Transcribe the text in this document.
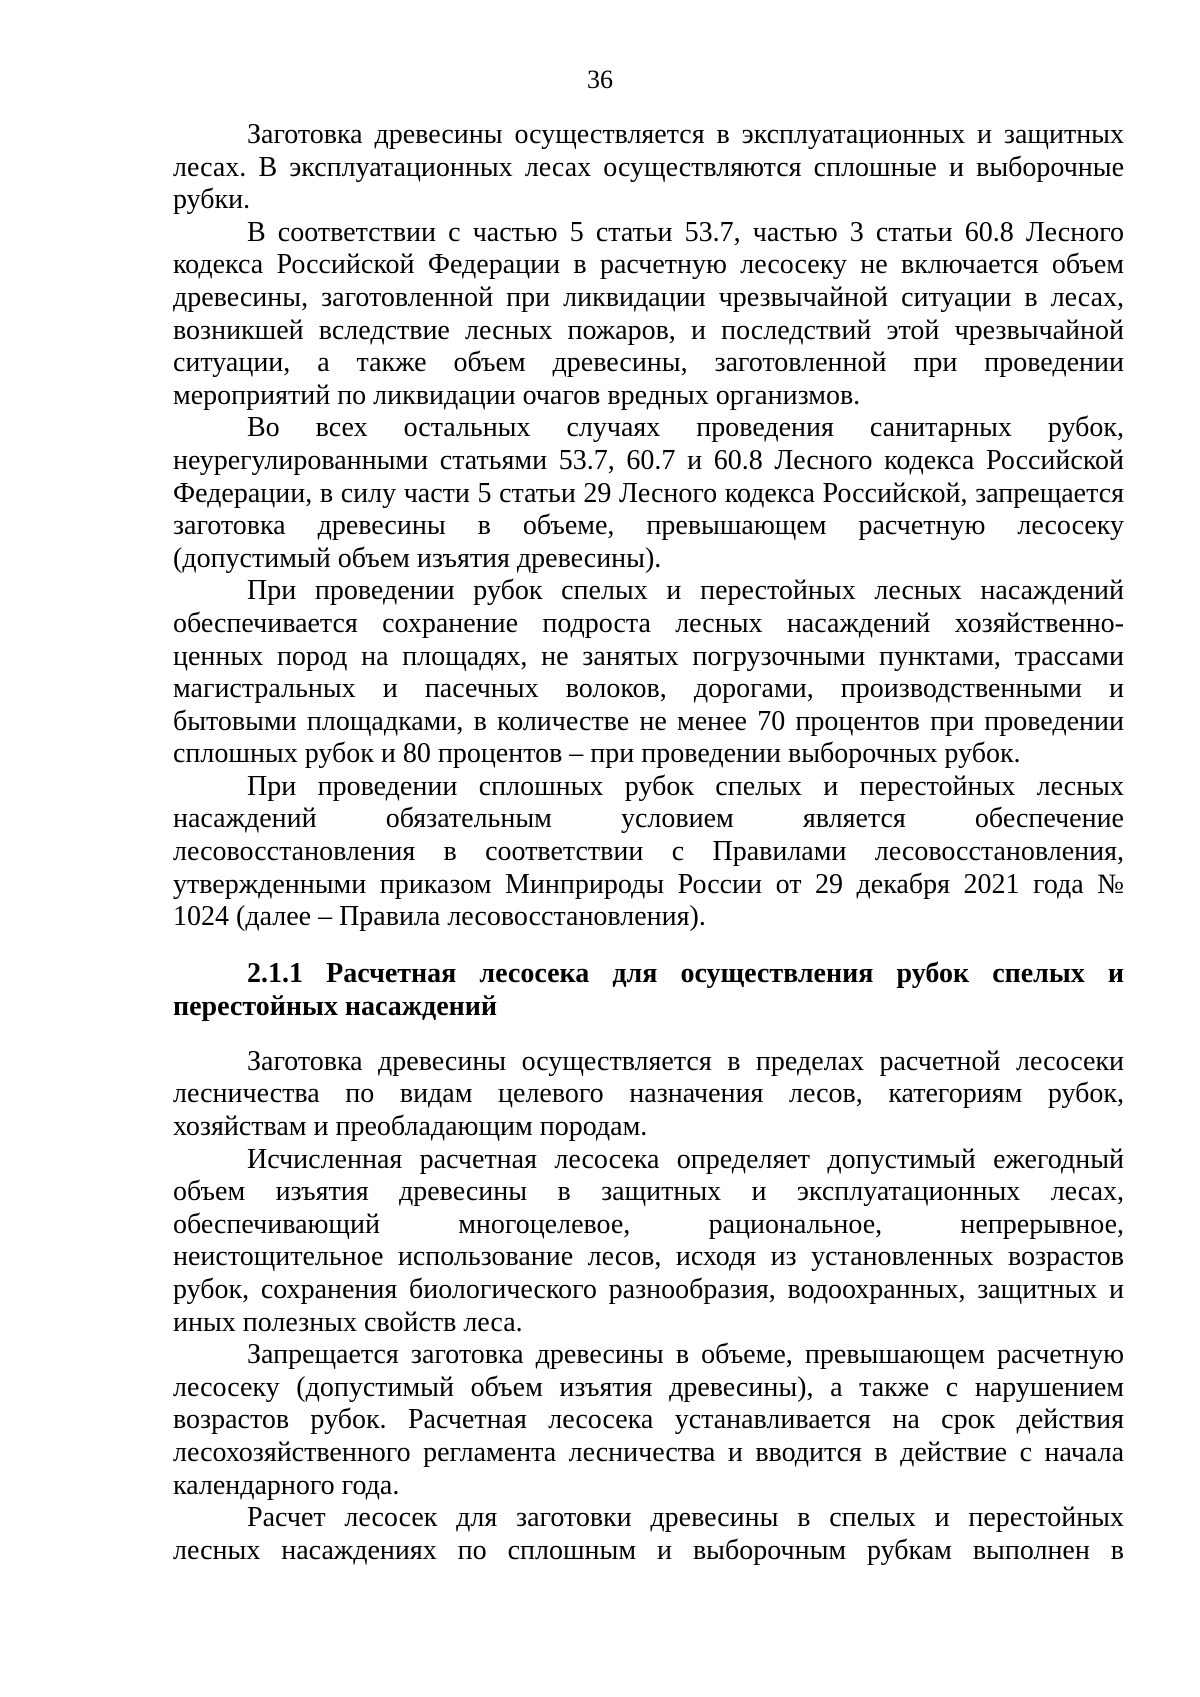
36

Заготовка древесины осуществляется в эксплуатационных и защитных лесах. В эксплуатационных лесах осуществляются сплошные и выборочные рубки.

В соответствии с частью 5 статьи 53.7, частью 3 статьи 60.8 Лесного кодекса Российской Федерации в расчетную лесосеку не включается объем древесины, заготовленной при ликвидации чрезвычайной ситуации в лесах, возникшей вследствие лесных пожаров, и последствий этой чрезвычайной ситуации, а также объем древесины, заготовленной при проведении мероприятий по ликвидации очагов вредных организмов.

Во всех остальных случаях проведения санитарных рубок, неурегулированными статьями 53.7, 60.7 и 60.8 Лесного кодекса Российской Федерации, в силу части 5 статьи 29 Лесного кодекса Российской, запрещается заготовка древесины в объеме, превышающем расчетную лесосеку (допустимый объем изъятия древесины).

При проведении рубок спелых и перестойных лесных насаждений обеспечивается сохранение подроста лесных насаждений хозяйственно-ценных пород на площадях, не занятых погрузочными пунктами, трассами магистральных и пасечных волоков, дорогами, производственными и бытовыми площадками, в количестве не менее 70 процентов при проведении сплошных рубок и 80 процентов – при проведении выборочных рубок.

При проведении сплошных рубок спелых и перестойных лесных насаждений обязательным условием является обеспечение лесовосстановления в соответствии с Правилами лесовосстановления, утвержденными приказом Минприроды России от 29 декабря 2021 года № 1024 (далее – Правила лесовосстановления).

2.1.1 Расчетная лесосека для осуществления рубок спелых и перестойных насаждений

Заготовка древесины осуществляется в пределах расчетной лесосеки лесничества по видам целевого назначения лесов, категориям рубок, хозяйствам и преобладающим породам.

Исчисленная расчетная лесосека определяет допустимый ежегодный объем изъятия древесины в защитных и эксплуатационных лесах, обеспечивающий многоцелевое, рациональное, непрерывное, неистощительное использование лесов, исходя из установленных возрастов рубок, сохранения биологического разнообразия, водоохранных, защитных и иных полезных свойств леса.

Запрещается заготовка древесины в объеме, превышающем расчетную лесосеку (допустимый объем изъятия древесины), а также с нарушением возрастов рубок. Расчетная лесосека устанавливается на срок действия лесохозяйственного регламента лесничества и вводится в действие с начала календарного года.

Расчет лесосек для заготовки древесины в спелых и перестойных лесных насаждениях по сплошным и выборочным рубкам выполнен в
